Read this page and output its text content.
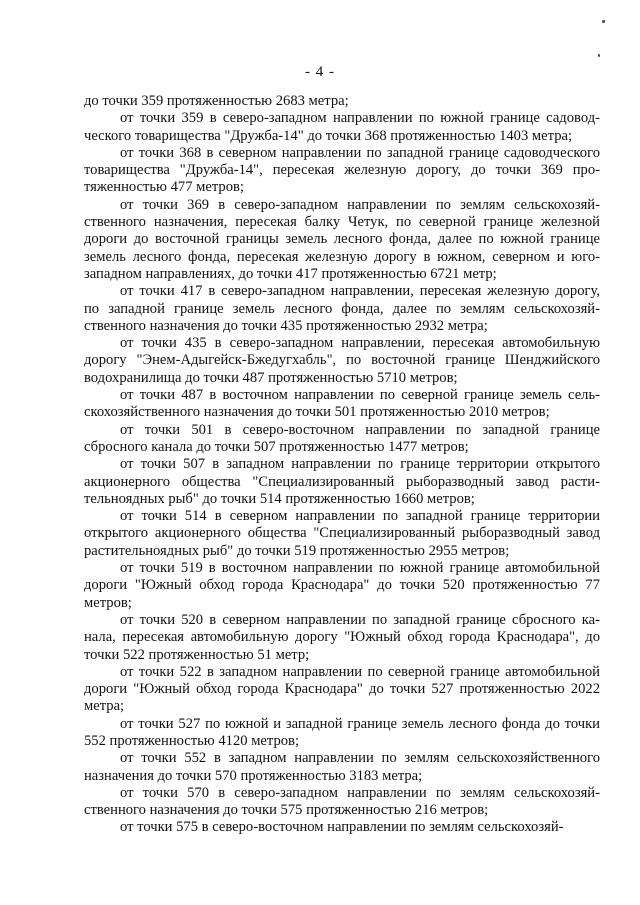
- 4 -

до точки 359 протяженностью 2683 метра;

от точки 359 в северо-западном направлении по южной границе садоводческого товарищества "Дружба-14" до точки 368 протяженностью 1403 метра;

от точки 368 в северном направлении по западной границе садоводческого товарищества "Дружба-14", пересекая железную дорогу, до точки 369 протяженностью 477 метров;

от точки 369 в северо-западном направлении по землям сельскохозяйственного назначения, пересекая балку Четук, по северной границе железной дороги до восточной границы земель лесного фонда, далее по южной границе земель лесного фонда, пересекая железную дорогу в южном, северном и юго-западном направлениях, до точки 417 протяженностью 6721 метр;

от точки 417 в северо-западном направлении, пересекая железную дорогу, по западной границе земель лесного фонда, далее по землям сельскохозяйственного назначения до точки 435 протяженностью 2932 метра;

от точки 435 в северо-западном направлении, пересекая автомобильную дорогу "Энем-Адыгейск-Бжедугхабль", по восточной границе Шенджийского водохранилища до точки 487 протяженностью 5710 метров;

от точки 487 в восточном направлении по северной границе земель сельскохозяйственного назначения до точки 501 протяженностью 2010 метров;

от точки 501 в северо-восточном направлении по западной границе сбросного канала до точки 507 протяженностью 1477 метров;

от точки 507 в западном направлении по границе территории открытого акционерного общества "Специализированный рыборазводный завод растительноядных рыб" до точки 514 протяженностью 1660 метров;

от точки 514 в северном направлении по западной границе территории открытого акционерного общества "Специализированный рыборазводный завод растительноядных рыб" до точки 519 протяженностью 2955 метров;

от точки 519 в восточном направлении по южной границе автомобильной дороги "Южный обход города Краснодара" до точки 520 протяженностью 77 метров;

от точки 520 в северном направлении по западной границе сбросного канала, пересекая автомобильную дорогу "Южный обход города Краснодара", до точки 522 протяженностью 51 метр;

от точки 522 в западном направлении по северной границе автомобильной дороги "Южный обход города Краснодара" до точки 527 протяженностью 2022 метра;

от точки 527 по южной и западной границе земель лесного фонда до точки 552 протяженностью 4120 метров;

от точки 552 в западном направлении по землям сельскохозяйственного назначения до точки 570 протяженностью 3183 метра;

от точки 570 в северо-западном направлении по землям сельскохозяйственного назначения до точки 575 протяженностью 216 метров;

от точки 575 в северо-восточном направлении по землям сельскохозяй-
